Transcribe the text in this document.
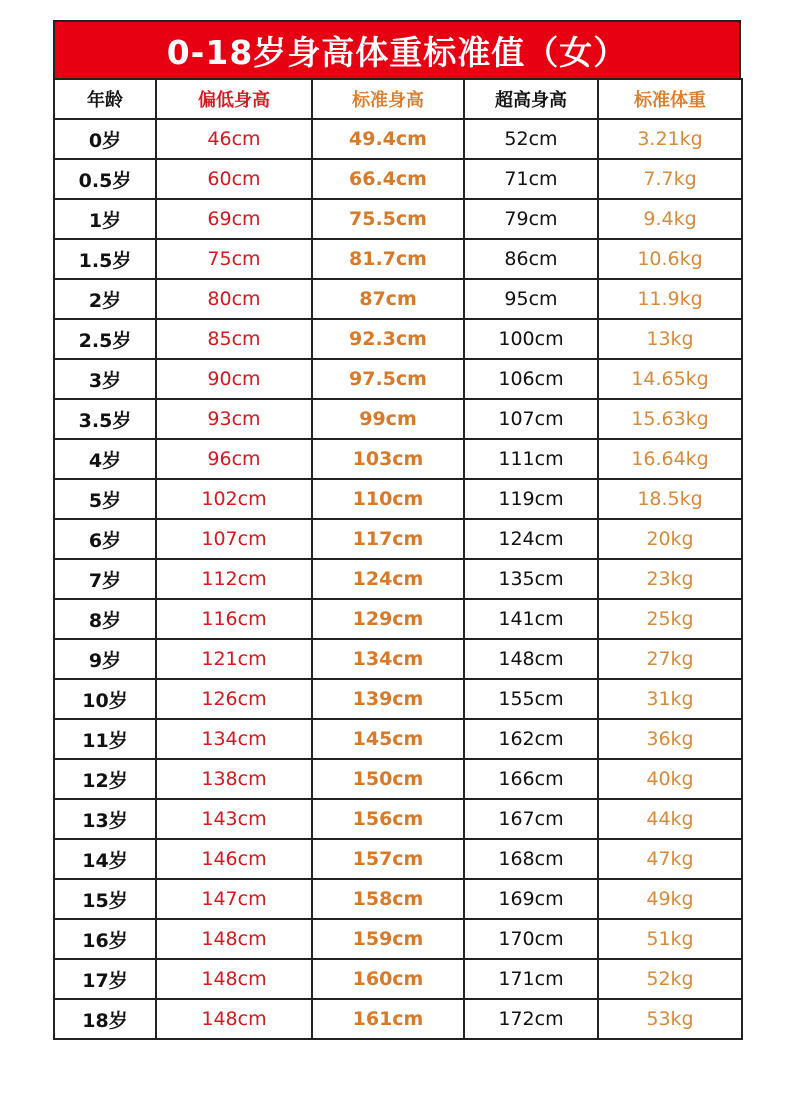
0-18岁身高体重标准值（女）
年龄	偏低身高	标准身高	超高身高	标准体重
0岁	46cm	49.4cm	52cm	3.21kg
0.5岁	60cm	66.4cm	71cm	7.7kg
1岁	69cm	75.5cm	79cm	9.4kg
1.5岁	75cm	81.7cm	86cm	10.6kg
2岁	80cm	87cm	95cm	11.9kg
2.5岁	85cm	92.3cm	100cm	13kg
3岁	90cm	97.5cm	106cm	14.65kg
3.5岁	93cm	99cm	107cm	15.63kg
4岁	96cm	103cm	111cm	16.64kg
5岁	102cm	110cm	119cm	18.5kg
6岁	107cm	117cm	124cm	20kg
7岁	112cm	124cm	135cm	23kg
8岁	116cm	129cm	141cm	25kg
9岁	121cm	134cm	148cm	27kg
10岁	126cm	139cm	155cm	31kg
11岁	134cm	145cm	162cm	36kg
12岁	138cm	150cm	166cm	40kg
13岁	143cm	156cm	167cm	44kg
14岁	146cm	157cm	168cm	47kg
15岁	147cm	158cm	169cm	49kg
16岁	148cm	159cm	170cm	51kg
17岁	148cm	160cm	171cm	52kg
18岁	148cm	161cm	172cm	53kg
